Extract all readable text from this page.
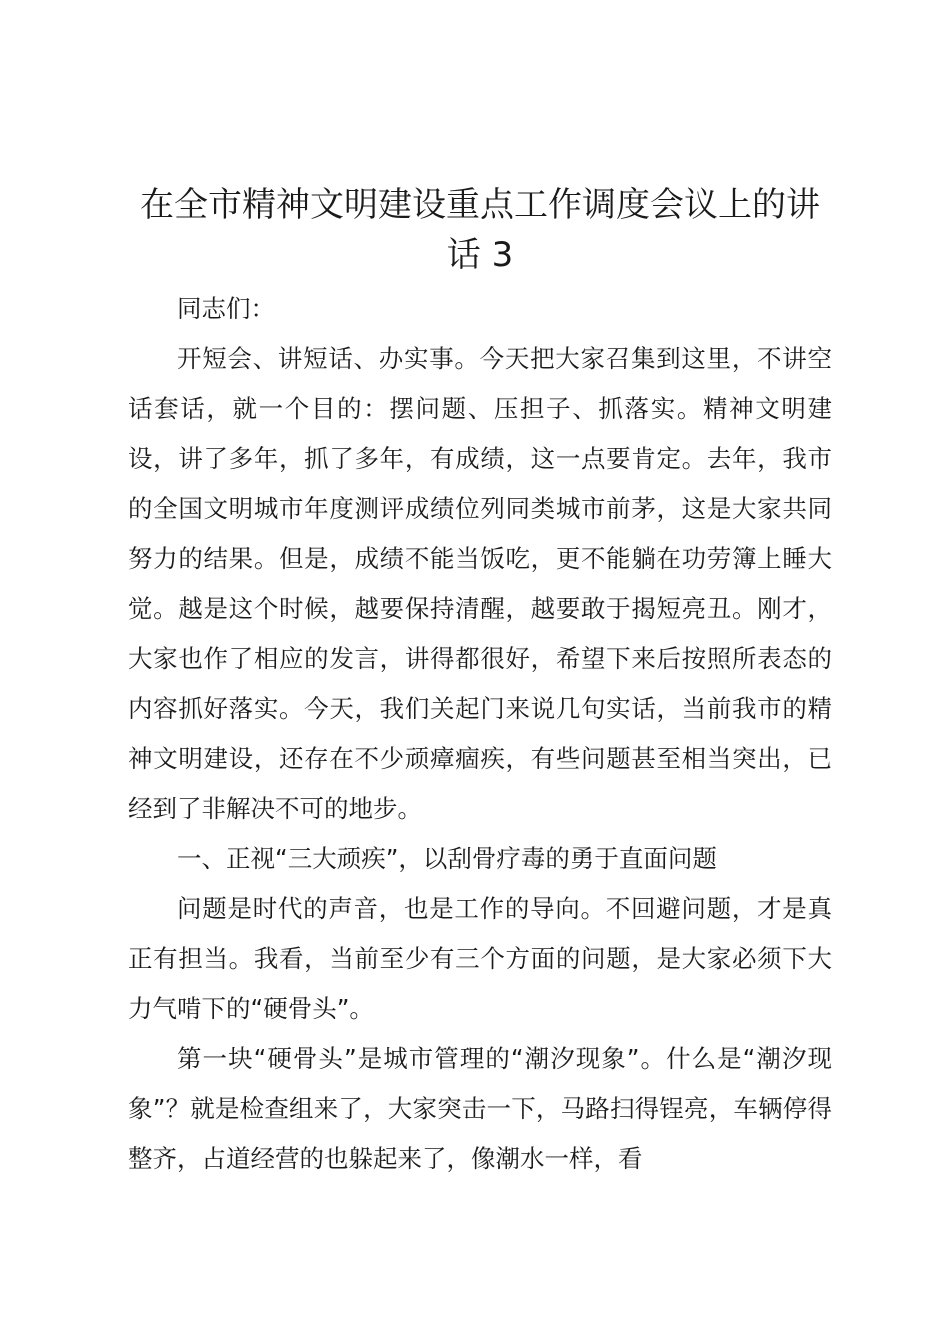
在全市精神文明建设重点工作调度会议上的讲
话 3

同志们：

开短会、讲短话、办实事。今天把大家召集到这里，不讲空话套话，就一个目的：摆问题、压担子、抓落实。精神文明建设，讲了多年，抓了多年，有成绩，这一点要肯定。去年，我市的全国文明城市年度测评成绩位列同类城市前茅，这是大家共同努力的结果。但是，成绩不能当饭吃，更不能躺在功劳簿上睡大觉。越是这个时候，越要保持清醒，越要敢于揭短亮丑。刚才，大家也作了相应的发言，讲得都很好，希望下来后按照所表态的内容抓好落实。今天，我们关起门来说几句实话，当前我市的精神文明建设，还存在不少顽瘴痼疾，有些问题甚至相当突出，已经到了非解决不可的地步。

一、正视“三大顽疾”，以刮骨疗毒的勇于直面问题

问题是时代的声音，也是工作的导向。不回避问题，才是真正有担当。我看，当前至少有三个方面的问题，是大家必须下大力气啃下的“硬骨头”。

第一块“硬骨头”是城市管理的“潮汐现象”。什么是“潮汐现象”？就是检查组来了，大家突击一下，马路扫得锃亮，车辆停得整齐，占道经营的也躲起来了，像潮水一样，看
